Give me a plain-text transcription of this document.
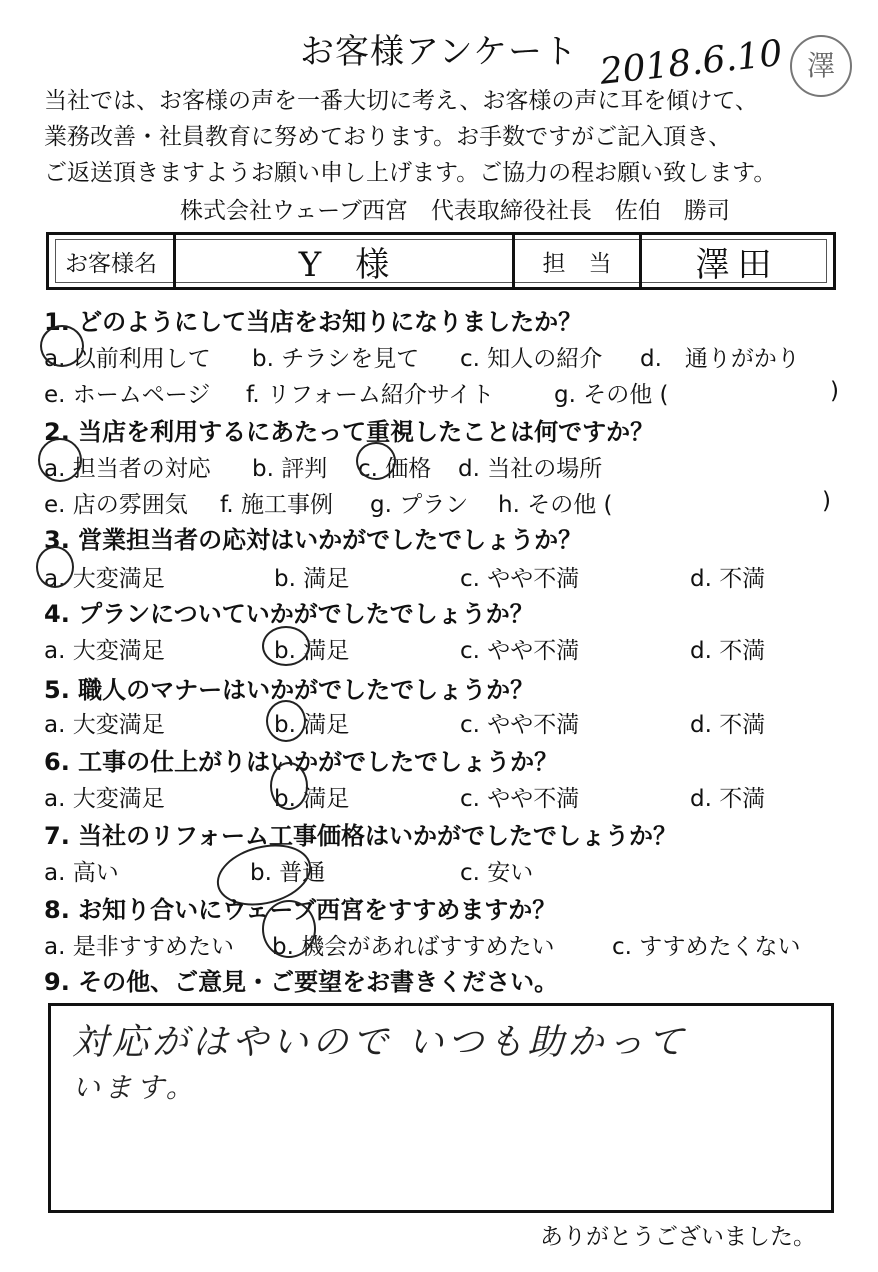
お客様アンケート 2018.6.10 澤
当社では、お客様の声を一番大切に考え、お客様の声に耳を傾けて、
業務改善・社員教育に努めております。お手数ですがご記入頂き、
ご返送頂きますようお願い申し上げます。ご協力の程お願い致します。
株式会社ウェーブ西宮　代表取締役社長　佐伯　勝司
お客様名	Y　様	担　当	澤田
1. どのようにして当店をお知りになりましたか？
a. 以前利用して b. チラシを見て c. 知人の紹介 d.　通りがかり
e. ホームページ f. リフォーム紹介サイト	g. その他 (	)
2. 当店を利用するにあたって重視したことは何ですか？
a. 担当者の対応 b. 評判 c. 価格 d. 当社の場所
e. 店の雰囲気 f. 施工事例 g. プラン h. その他 (	)
3. 営業担当者の応対はいかがでしたでしょうか？
a. 大変満足	b. 満足	c. やや不満	d. 不満
4. プランについていかがでしたでしょうか？
a. 大変満足	b. 満足	c. やや不満	d. 不満
5. 職人のマナーはいかがでしたでしょうか？
a. 大変満足	b. 満足	c. やや不満	d. 不満
6. 工事の仕上がりはいかがでしたでしょうか？
a. 大変満足	b. 満足	c. やや不満	d. 不満
7. 当社のリフォーム工事価格はいかがでしたでしょうか？
a. 高い	b. 普通	c. 安い
8. お知り合いにウェーブ西宮をすすめますか？
a. 是非すすめたい b. 機会があればすすめたい	c. すすめたくない
9. その他、ご意見・ご要望をお書きください。
対応がはやいので いつも助かって
います。
ありがとうございました。
